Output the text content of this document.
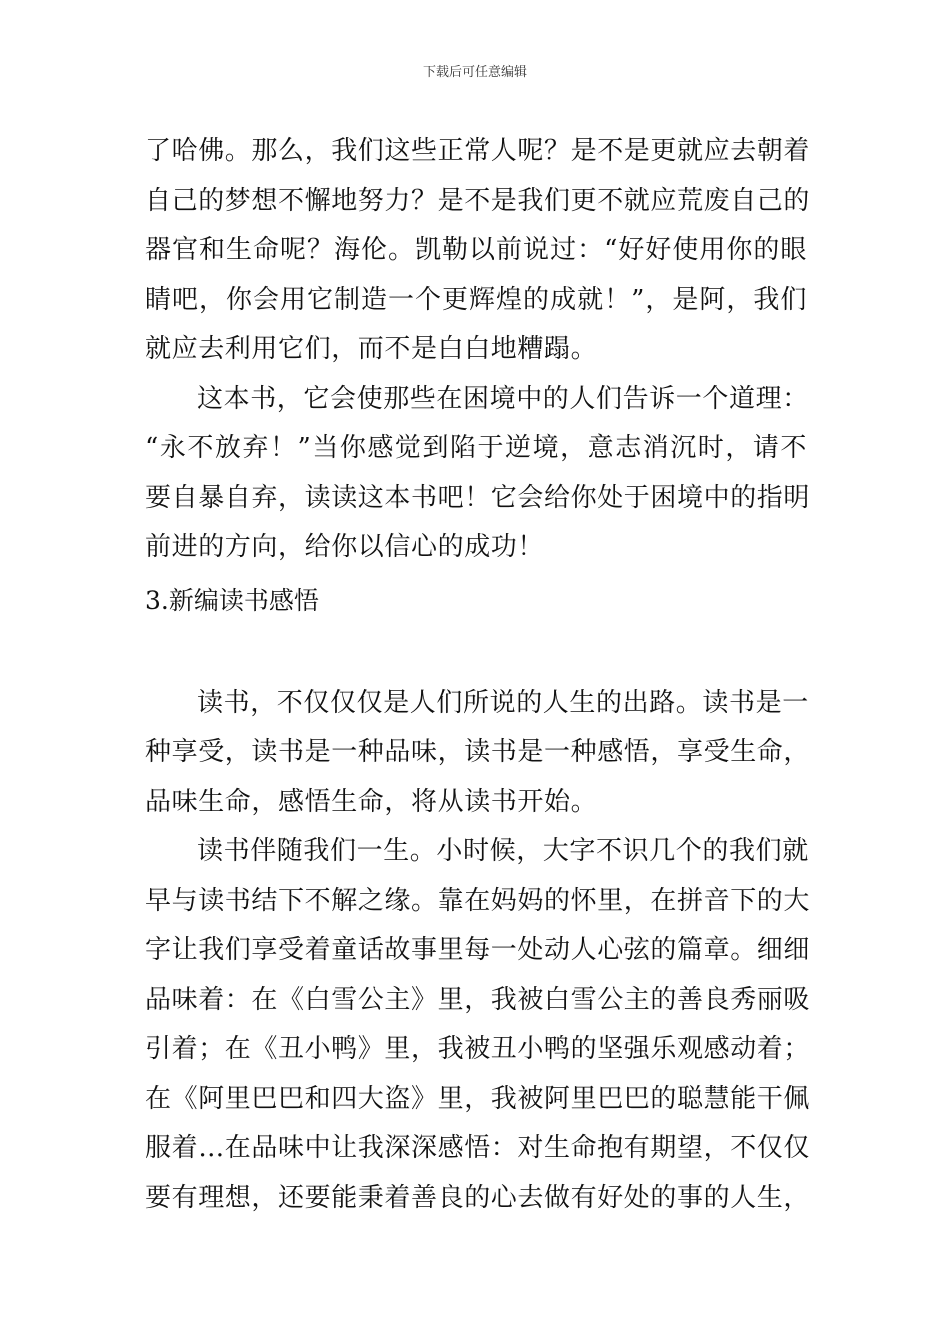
下载后可任意编辑
了哈佛。那么，我们这些正常人呢？是不是更就应去朝着
自己的梦想不懈地努力？是不是我们更不就应荒废自己的
器官和生命呢？海伦。凯勒以前说过：“好好使用你的眼
睛吧，你会用它制造一个更辉煌的成就！”，是阿，我们
就应去利用它们，而不是白白地糟蹋。
这本书，它会使那些在困境中的人们告诉一个道理：
“永不放弃！”当你感觉到陷于逆境，意志消沉时，请不
要自暴自弃，读读这本书吧！它会给你处于困境中的指明
前进的方向，给你以信心的成功！
3.新编读书感悟
读书，不仅仅仅是人们所说的人生的出路。读书是一
种享受，读书是一种品味，读书是一种感悟，享受生命，
品味生命，感悟生命，将从读书开始。
读书伴随我们一生。小时候，大字不识几个的我们就
早与读书结下不解之缘。靠在妈妈的怀里，在拼音下的大
字让我们享受着童话故事里每一处动人心弦的篇章。细细
品味着：在《白雪公主》里，我被白雪公主的善良秀丽吸
引着；在《丑小鸭》里，我被丑小鸭的坚强乐观感动着；
在《阿里巴巴和四大盗》里，我被阿里巴巴的聪慧能干佩
服着…在品味中让我深深感悟：对生命抱有期望，不仅仅
要有理想，还要能秉着善良的心去做有好处的事的人生，
